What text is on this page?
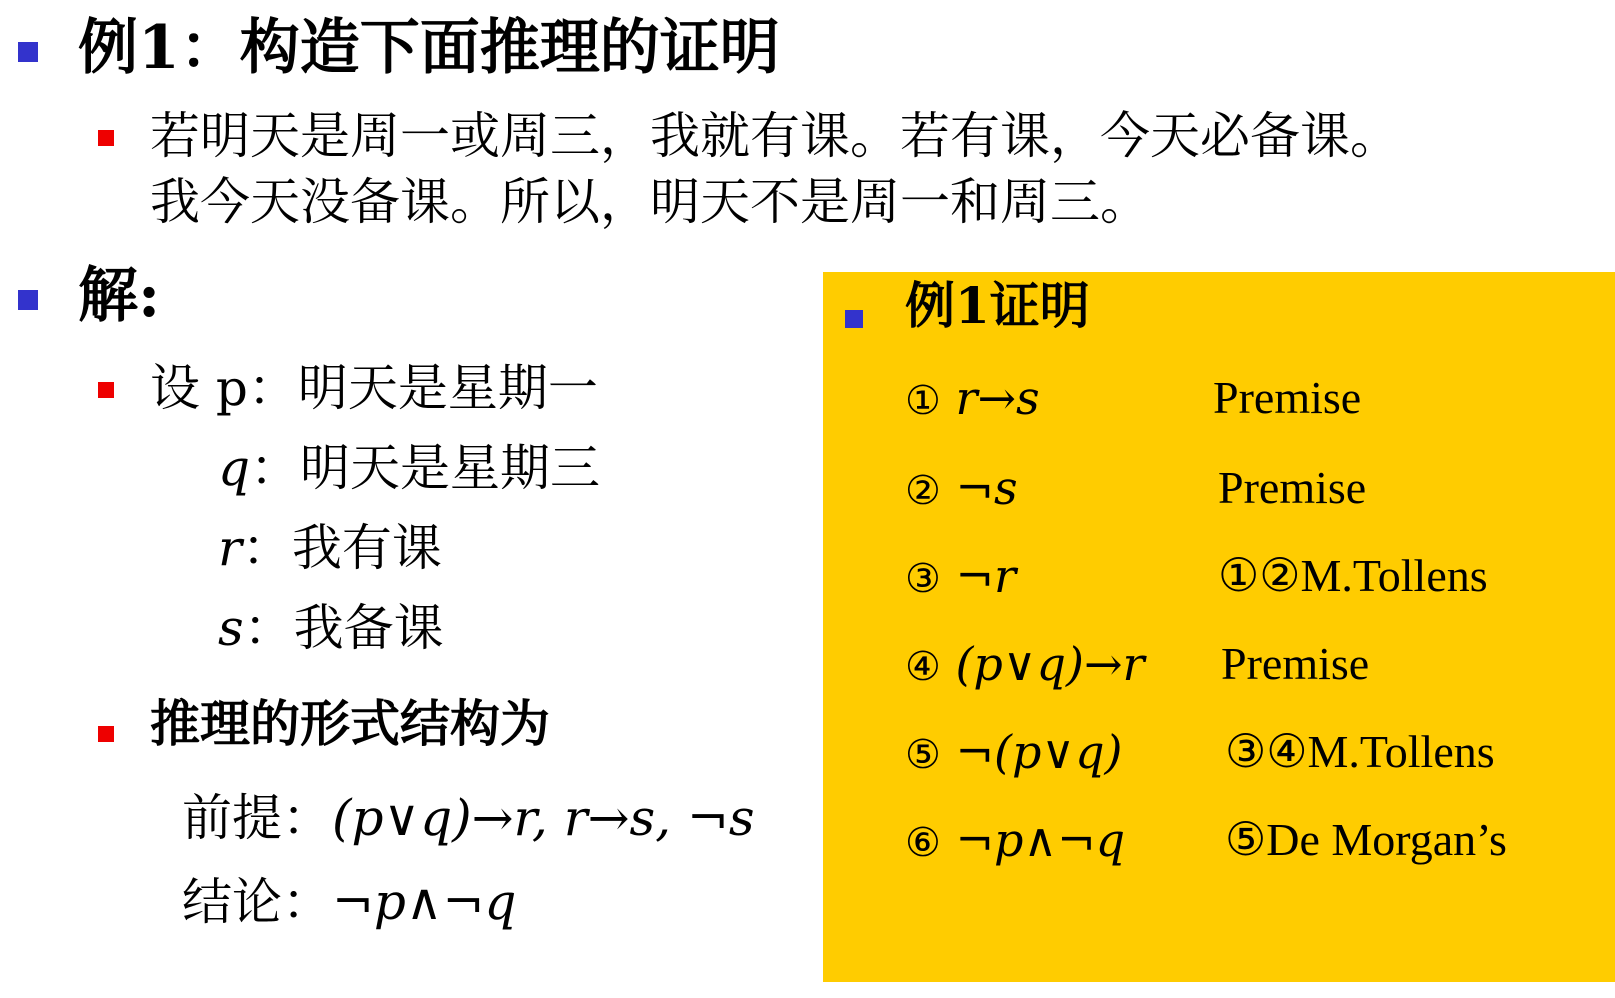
例1：构造下面推理的证明
若明天是周一或周三，我就有课。若有课，今天必备课。
我今天没备课。所以，明天不是周一和周三。
解:
设 p：明天是星期一
q：明天是星期三
r：我有课
s：我备课
推理的形式结构为
前提：(p∨q)→r, r→s, ¬s
结论：¬p∧¬q
例1证明
① r→s	Premise
② ¬s	Premise
③ ¬r	①②M.Tollens
④ (p∨q)→r Premise
⑤ ¬(p∨q) ③④M.Tollens
⑥ ¬p∧¬q ⑤De Morgan’s
